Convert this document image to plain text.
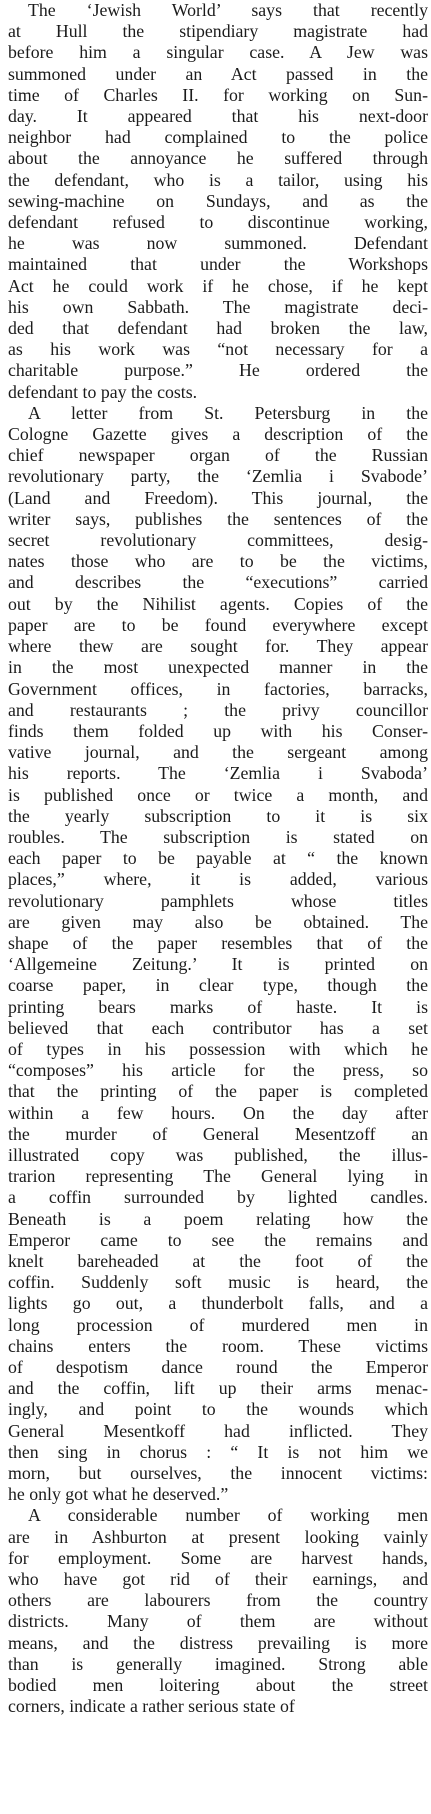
The ‘Jewish World’ says that recently
at Hull the stipendiary magistrate had
before him a singular case. A Jew was
summoned under an Act passed in the
time of Charles II. for working on Sun-
day. It appeared that his next-door
neighbor had complained to the police
about the annoyance he suffered through
the defendant, who is a tailor, using his
sewing-machine on Sundays, and as the
defendant refused to discontinue working,
he was now summoned. Defendant
maintained that under the Workshops
Act he could work if he chose, if he kept
his own Sabbath. The magistrate deci-
ded that defendant had broken the law,
as his work was “not necessary for a
charitable purpose.” He ordered the
defendant to pay the costs.

A letter from St. Petersburg in the
Cologne Gazette gives a description of the
chief newspaper organ of the Russian
revolutionary party, the ‘Zemlia i Svabode’
(Land and Freedom). This journal, the
writer says, publishes the sentences of the
secret revolutionary committees, desig-
nates those who are to be the victims,
and describes the “executions” carried
out by the Nihilist agents. Copies of the
paper are to be found everywhere except
where thew are sought for. They appear
in the most unexpected manner in the
Government offices, in factories, barracks,
and restaurants ; the privy councillor
finds them folded up with his Conser-
vative journal, and the sergeant among
his reports. The ‘Zemlia i Svaboda’
is published once or twice a month, and
the yearly subscription to it is six
roubles. The subscription is stated on
each paper to be payable at “ the known
places,” where, it is added, various
revolutionary pamphlets whose titles
are given may also be obtained. The
shape of the paper resembles that of the
‘Allgemeine Zeitung.’ It is printed on
coarse paper, in clear type, though the
printing bears marks of haste. It is
believed that each contributor has a set
of types in his possession with which he
“composes” his article for the press, so
that the printing of the paper is completed
within a few hours. On the day after
the murder of General Mesentzoff an
illustrated copy was published, the illus-
trarion representing The General lying in
a coffin surrounded by lighted candles.
Beneath is a poem relating how the
Emperor came to see the remains and
knelt bareheaded at the foot of the
coffin. Suddenly soft music is heard, the
lights go out, a thunderbolt falls, and a
long procession of murdered men in
chains enters the room. These victims
of despotism dance round the Emperor
and the coffin, lift up their arms menac-
ingly, and point to the wounds which
General Mesentkoff had inflicted. They
then sing in chorus : “ It is not him we
morn, but ourselves, the innocent victims:
he only got what he deserved.”

A considerable number of working men
are in Ashburton at present looking vainly
for employment. Some are harvest hands,
who have got rid of their earnings, and
others are labourers from the country
districts. Many of them are without
means, and the distress prevailing is more
than is generally imagined. Strong able
bodied men loitering about the street
corners, indicate a rather serious state of
